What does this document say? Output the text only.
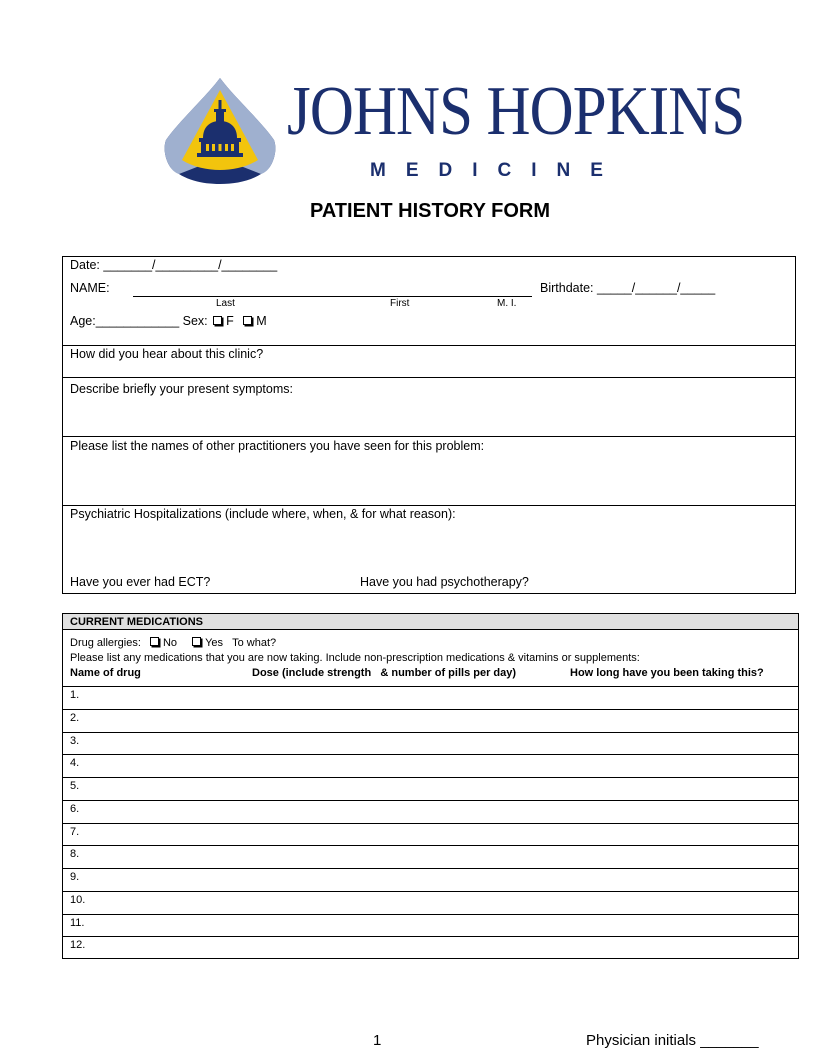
JOHNS HOPKINS
MEDICINE
PATIENT HISTORY FORM
Date: _______/_________/________
NAME:	Birthdate: _____/______/_____
Last	First	M. I.
Age:____________ Sex: F M
How did you hear about this clinic?
Describe briefly your present symptoms:
Please list the names of other practitioners you have seen for this problem:
Psychiatric Hospitalizations (include where, when, & for what reason):
Have you ever had ECT?	Have you had psychotherapy?
CURRENT MEDICATIONS
Drug allergies: No	Yes To what?
Please list any medications that you are now taking. Include non-prescription medications & vitamins or supplements:
Name of drug	Dose (include strength   & number of pills per day)	How long have you been taking this?
1.
2.
3.
4.
5.
6.
7.
8.
9.
10.
11.
12.
1	Physician initials _______
